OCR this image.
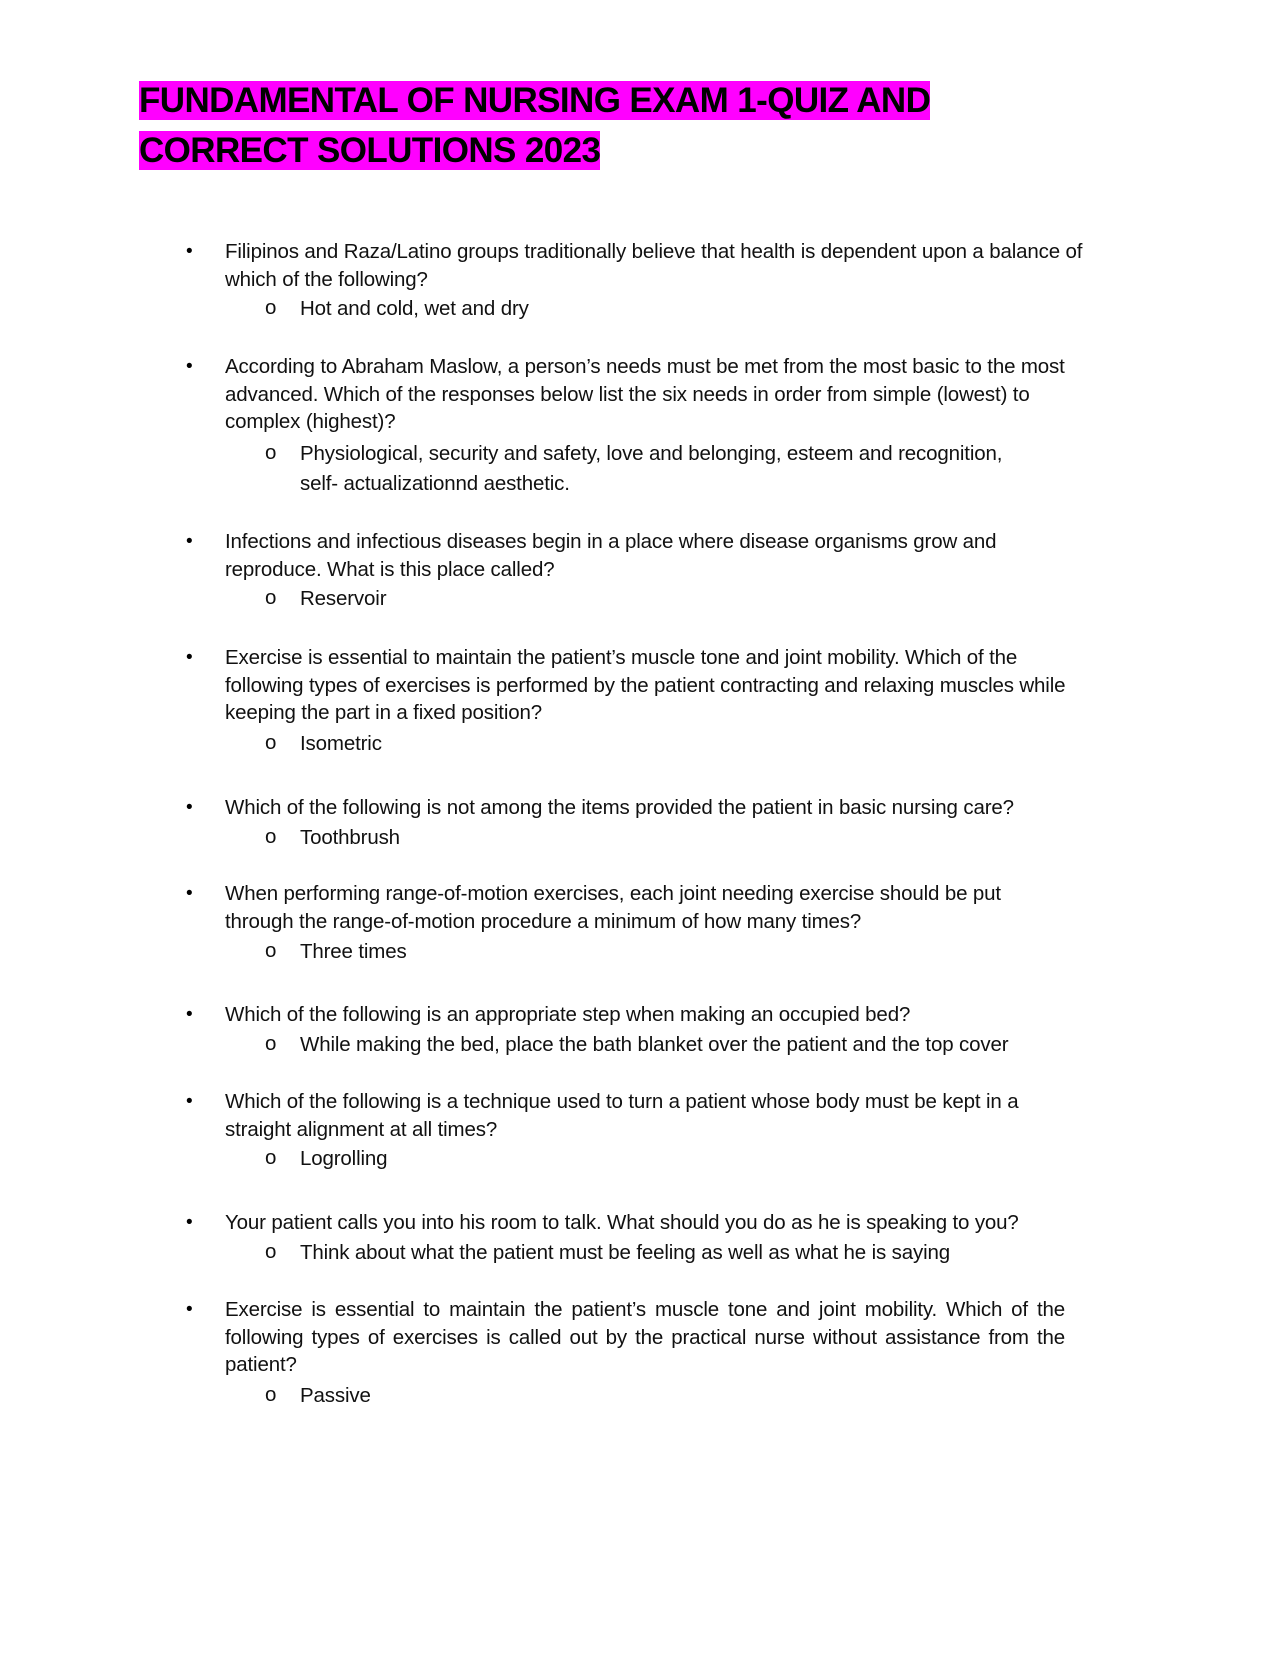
FUNDAMENTAL OF NURSING EXAM 1-QUIZ AND
CORRECT SOLUTIONS 2023
• Filipinos and Raza/Latino groups traditionally believe that health is dependent upon a balance of which of the following?

o Hot and cold, wet and dry

• According to Abraham Maslow, a person’s needs must be met from the most basic to the most advanced. Which of the responses below list the six needs in order from simple (lowest) to complex (highest)?

o Physiological, security and safety, love and belonging, esteem and recognition, self- actualizationnd aesthetic.

• Infections and infectious diseases begin in a place where disease organisms grow and reproduce. What is this place called?

o Reservoir

• Exercise is essential to maintain the patient’s muscle tone and joint mobility. Which of the following types of exercises is performed by the patient contracting and relaxing muscles while keeping the part in a fixed position?

o Isometric

• Which of the following is not among the items provided the patient in basic nursing care?

o Toothbrush

• When performing range-of-motion exercises, each joint needing exercise should be put through the range-of-motion procedure a minimum of how many times?

o Three times

• Which of the following is an appropriate step when making an occupied bed?

o While making the bed, place the bath blanket over the patient and the top cover

• Which of the following is a technique used to turn a patient whose body must be kept in a straight alignment at all times?

o Logrolling

• Your patient calls you into his room to talk. What should you do as he is speaking to you?

o Think about what the patient must be feeling as well as what he is saying

• Exercise is essential to maintain the patient’s muscle tone and joint mobility. Which of the following types of exercises is called out by the practical nurse without assistance from the patient?

o Passive
